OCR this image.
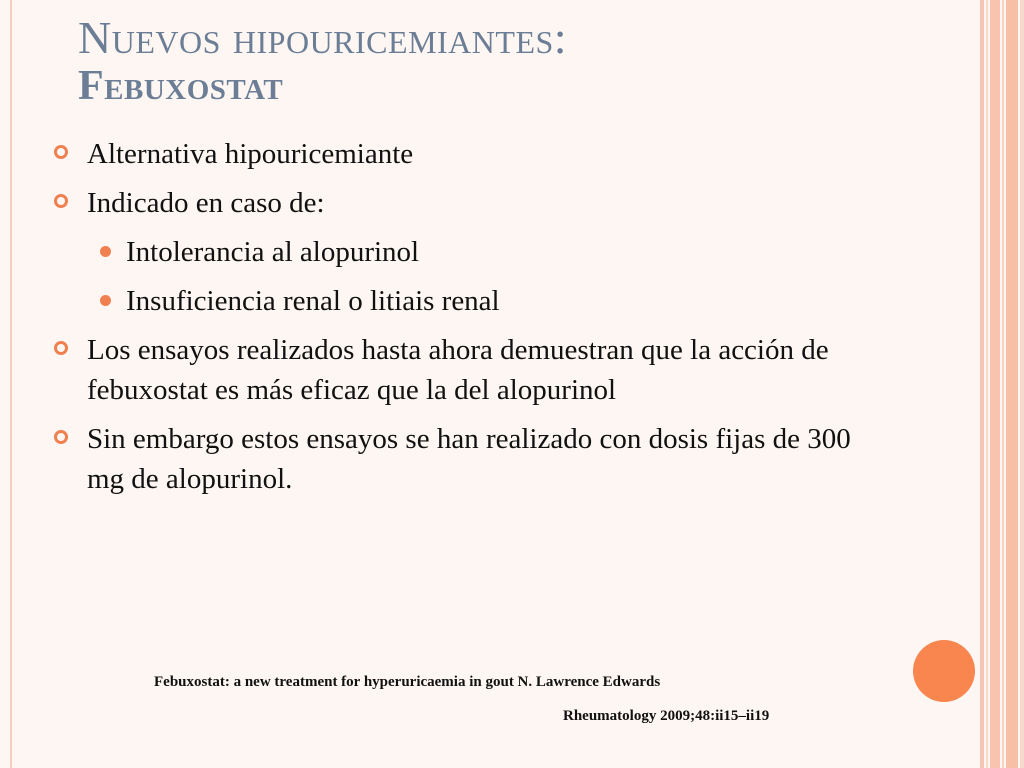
Nuevos hipouricemiantes:
Febuxostat
Alternativa hipouricemiante
Indicado en caso de:
Intolerancia al alopurinol
Insuficiencia renal o litiais renal
Los ensayos realizados hasta ahora demuestran que la acción de febuxostat es más eficaz que la del alopurinol
Sin embargo estos ensayos se han realizado con dosis fijas de 300 mg de alopurinol.
Febuxostat: a new treatment for hyperuricaemia in gout N. Lawrence Edwards
Rheumatology 2009;48:ii15–ii19
